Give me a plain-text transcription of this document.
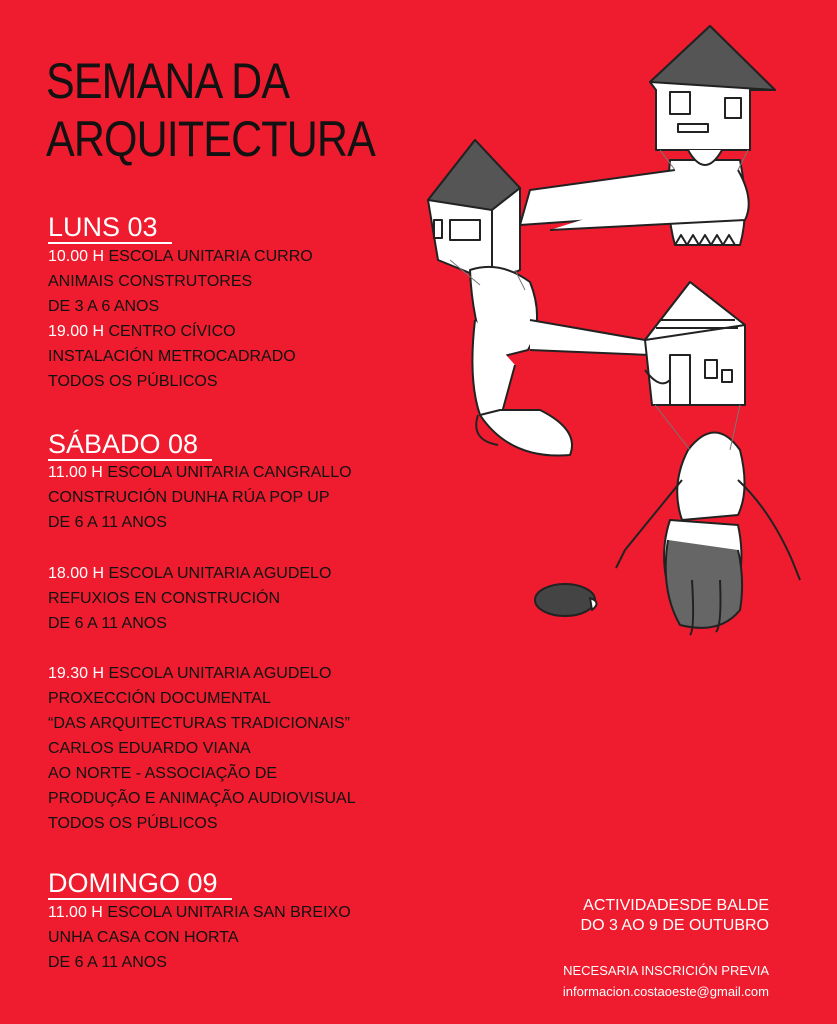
SEMANA DA
ARQUITECTURA
LUNS 03
10.00 H ESCOLA UNITARIA CURRO
ANIMAIS CONSTRUTORES
DE 3 A 6 ANOS
19.00 H CENTRO CÍVICO
INSTALACIÓN METROCADRADO
TODOS OS PÚBLICOS
SÁBADO 08
11.00 H ESCOLA UNITARIA CANGRALLO
CONSTRUCIÓN DUNHA RÚA POP UP
DE 6 A 11 ANOS
18.00 H ESCOLA UNITARIA AGUDELO
REFUXIOS EN CONSTRUCIÓN
DE 6 A 11 ANOS
19.30 H ESCOLA UNITARIA AGUDELO
PROXECCIÓN DOCUMENTAL
“DAS ARQUITECTURAS TRADICIONAIS”
CARLOS EDUARDO VIANA
AO NORTE - ASSOCIAÇÃO DE
PRODUÇÃO E ANIMAÇÃO AUDIOVISUAL
TODOS OS PÚBLICOS
DOMINGO 09
11.00 H ESCOLA UNITARIA SAN BREIXO
UNHA CASA CON HORTA
DE 6 A 11 ANOS
ACTIVIDADESDE BALDE
DO 3 AO 9 DE OUTUBRO
NECESARIA INSCRICIÓN PREVIA
informacion.costaoeste@gmail.com
